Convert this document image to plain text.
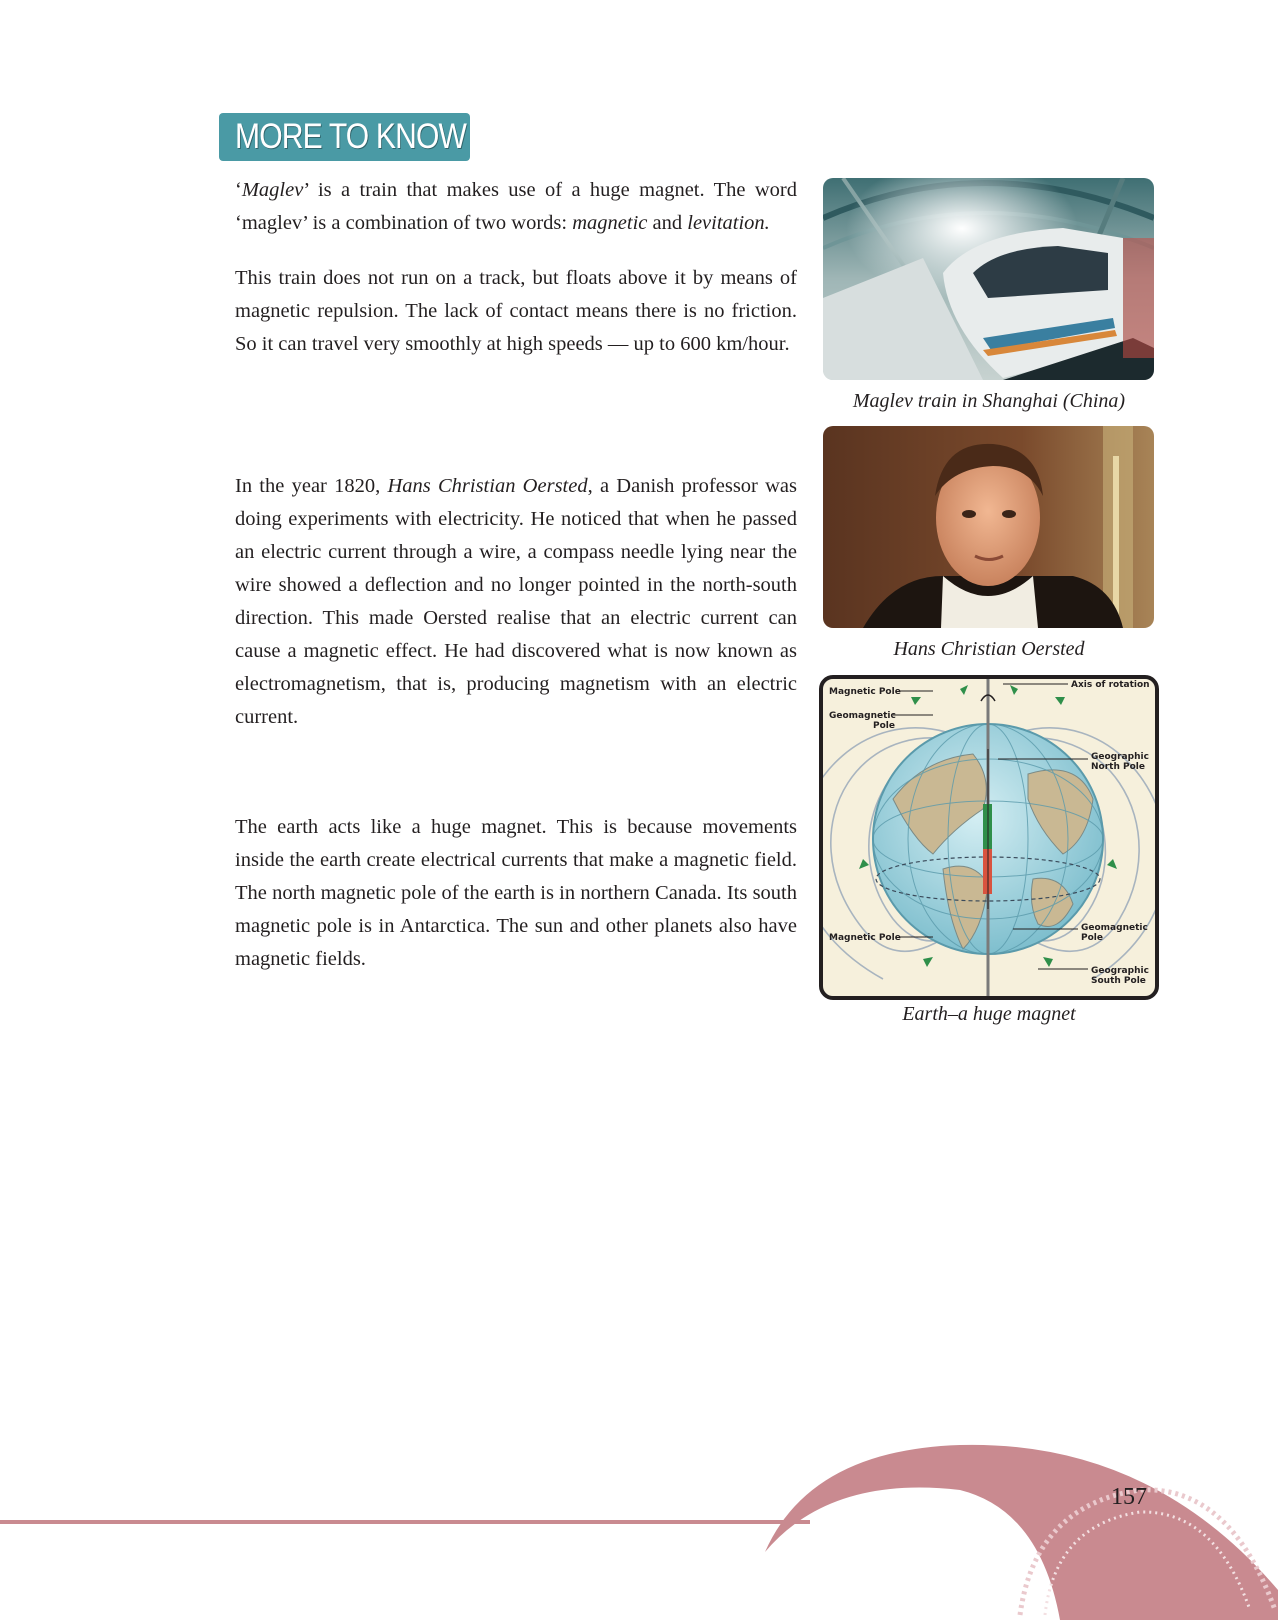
MORE TO KNOW

‘Maglev’ is a train that makes use of a huge magnet. The word ‘maglev’ is a combination of two words: magnetic and levitation.

This train does not run on a track, but floats above it by means of magnetic repulsion. The lack of contact means there is no friction. So it can travel very smoothly at high speeds — up to 600 km/hour.

In the year 1820, Hans Christian Oersted, a Danish professor was doing experiments with electricity. He noticed that when he passed an electric current through a wire, a compass needle lying near the wire showed a deflection and no longer pointed in the north-south direction. This made Oersted realise that an electric current can cause a magnetic effect. He had discovered what is now known as electromagnetism, that is, producing magnetism with an electric current.

The earth acts like a huge magnet. This is because movements inside the earth create electrical currents that make a magnetic field. The north magnetic pole of the earth is in northern Canada. Its south magnetic pole is in Antarctica. The sun and other planets also have magnetic fields.

Maglev train in Shanghai (China)
Hans Christian Oersted
Magnetic Pole
Geomagnetic
Pole
Axis of rotation
Geographic
North Pole
Magnetic Pole
Geomagnetic
Pole
Geographic
South Pole
Earth–a huge magnet
157
